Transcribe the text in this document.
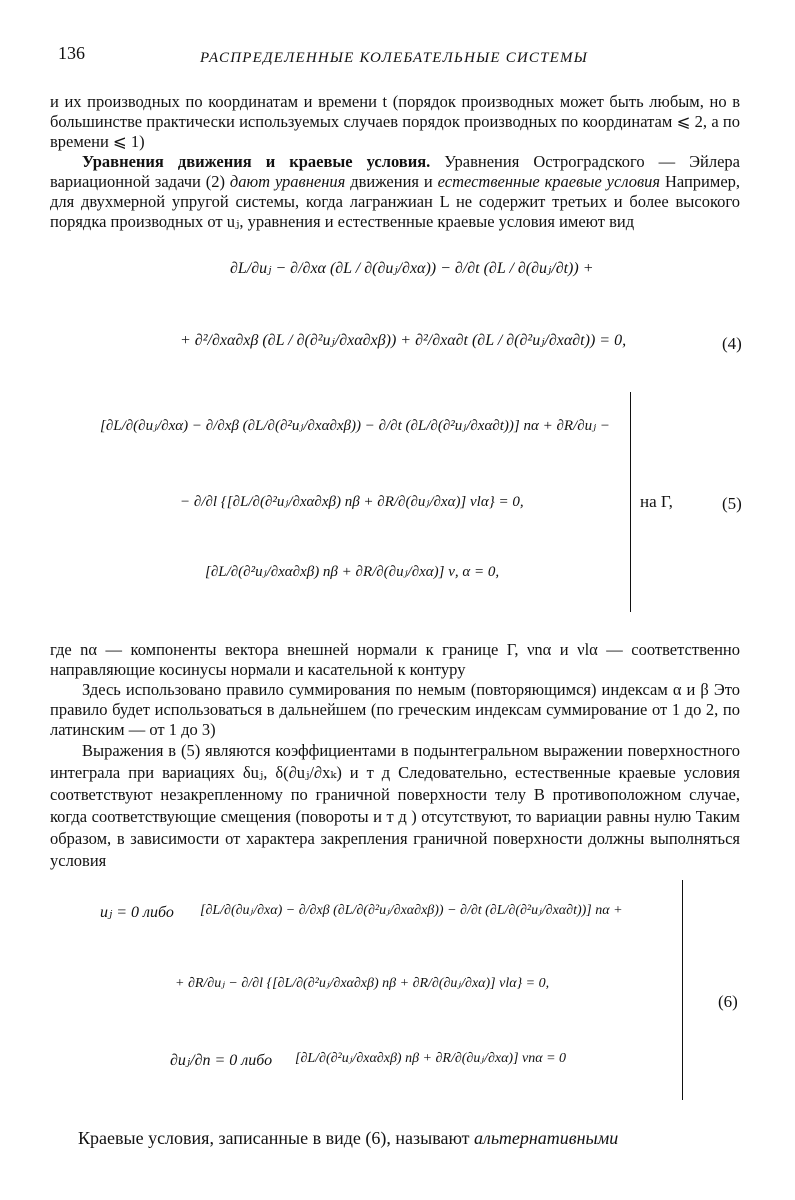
136	РАСПРЕДЕЛЕННЫЕ КОЛЕБАТЕЛЬНЫЕ СИСТЕМЫ
и их производных по координатам и времени t (порядок производных может быть любым, но в большинстве практически используемых случаев порядок производных по координатам ⩽ 2, а по времени ⩽ 1)
Уравнения движения и краевые условия. Уравнения Остроградского — Эйлера вариационной задачи (2) дают уравнения движения и естественные краевые условия Например, для двухмерной упругой системы, когда лагранжиан L не содержит третьих и более высокого порядка производных от uⱼ, уравнения и естественные краевые условия имеют вид
∂L/∂uⱼ − ∂/∂xα (∂L / ∂(∂uⱼ/∂xα)) − ∂/∂t (∂L / ∂(∂uⱼ/∂t)) +
+ ∂²/∂xα∂xβ (∂L / ∂(∂²uⱼ/∂xα∂xβ)) + ∂²/∂xα∂t (∂L / ∂(∂²uⱼ/∂xα∂t)) = 0,	(4)
[∂L/∂(∂uⱼ/∂xα) − ∂/∂xβ (∂L/∂(∂²uⱼ/∂xα∂xβ)) − ∂/∂t (∂L/∂(∂²uⱼ/∂xα∂t))] nα + ∂R/∂uⱼ −
− ∂/∂l {[∂L/∂(∂²uⱼ/∂xα∂xβ) nβ + ∂R/∂(∂uⱼ/∂xα)] νlα} = 0,
[∂L/∂(∂²uⱼ/∂xα∂xβ) nβ + ∂R/∂(∂uⱼ/∂xα)] ν, α = 0,
на Γ,	(5)
где nα — компоненты вектора внешней нормали к границе Γ, νnα и νlα — соответственно направляющие косинусы нормали и касательной к контуру
Здесь использовано правило суммирования по немым (повторяющимся) индексам α и β Это правило будет использоваться в дальнейшем (по греческим индексам суммирование от 1 до 2, по латинским — от 1 до 3)
Выражения в (5) являются коэффициентами в подынтегральном выражении поверхностного интеграла при вариациях δuⱼ, δ(∂uⱼ/∂xₖ) и т д Следовательно, естественные краевые условия соответствуют незакрепленному по граничной поверхности телу В противоположном случае, когда соответствующие смещения (повороты и т д ) отсутствуют, то вариации равны нулю Таким образом, в зависимости от характера закрепления граничной поверхности должны выполняться условия
uⱼ = 0 либо [∂L/∂(∂uⱼ/∂xα) − ∂/∂xβ (∂L/∂(∂²uⱼ/∂xα∂xβ)) − ∂/∂t (∂L/∂(∂²uⱼ/∂xα∂t))] nα +
+ ∂R/∂uⱼ − ∂/∂l {[∂L/∂(∂²uⱼ/∂xα∂xβ) nβ + ∂R/∂(∂uⱼ/∂xα)] νlα} = 0,
∂uⱼ/∂n = 0 либо [∂L/∂(∂²uⱼ/∂xα∂xβ) nβ + ∂R/∂(∂uⱼ/∂xα)] νnα = 0
(6)
Краевые условия, записанные в виде (6), называют альтернативными
